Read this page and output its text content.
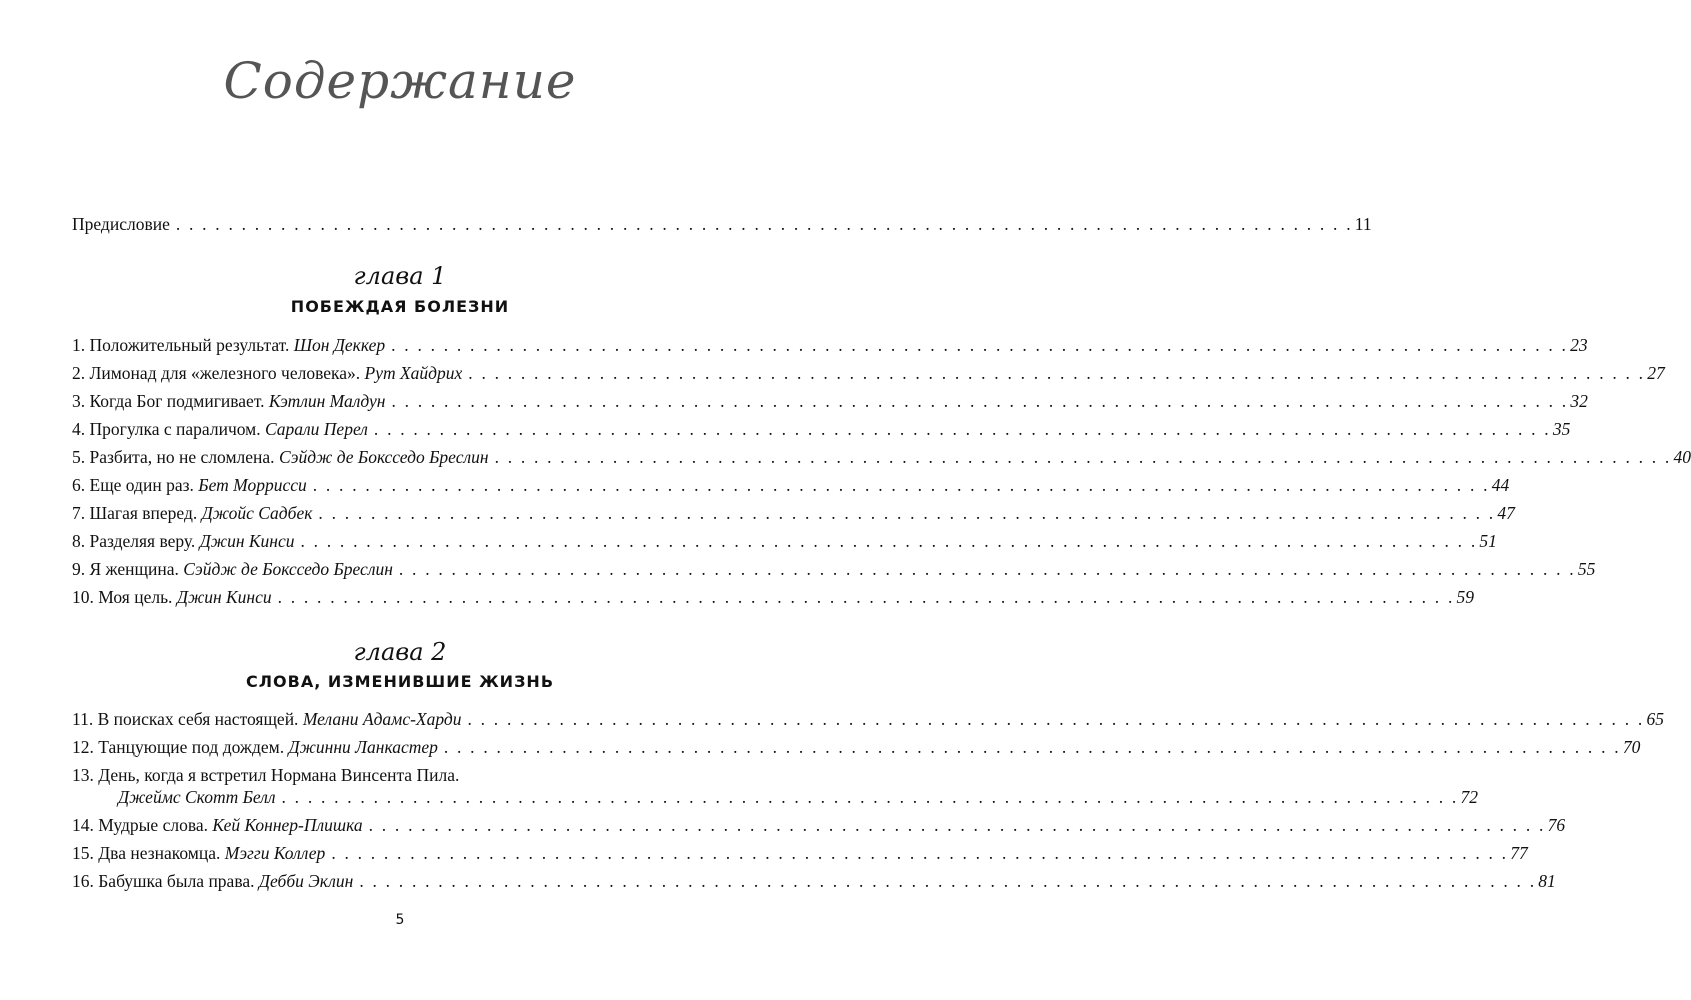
Содержание
Предисловие . . . . . . . . . . . . . . . . . . . . . . . . . . . . . . . . . . . . . . . . . . . . . . . . . . . . . . . . . . . . . . . . . . . . . . . . . . . . . . . . . . . . . . . . . . 11
глава 1
ПОБЕЖДАЯ БОЛЕЗНИ
1. Положительный результат.
Шон Деккер . . . . . . . . . . . . . . . . . . . . . . . . . . . . . . . . . . . . . . . . . . . . . . . . . . . . . . . . . . . . . . . . . . . . . . . . . . . . . . . . . . . . . . . . . . 23
2. Лимонад для «железного человека».
Рут Хайдрих . . . . . . . . . . . . . . . . . . . . . . . . . . . . . . . . . . . . . . . . . . . . . . . . . . . . . . . . . . . . . . . . . . . . . . . . . . . . . . . . . . . . . . . . . . 27
3. Когда Бог подмигивает.
Кэтлин Малдун . . . . . . . . . . . . . . . . . . . . . . . . . . . . . . . . . . . . . . . . . . . . . . . . . . . . . . . . . . . . . . . . . . . . . . . . . . . . . . . . . . . . . . . . . . 32
4. Прогулка с параличом.
Сарали Перел . . . . . . . . . . . . . . . . . . . . . . . . . . . . . . . . . . . . . . . . . . . . . . . . . . . . . . . . . . . . . . . . . . . . . . . . . . . . . . . . . . . . . . . . . . 35
5. Разбита, но не сломлена.
Сэйдж де Боксседо Бреслин . . . . . . . . . . . . . . . . . . . . . . . . . . . . . . . . . . . . . . . . . . . . . . . . . . . . . . . . . . . . . . . . . . . . . . . . . . . . . . . . . . . . . . . . . . 40
6. Еще один раз.
Бет Моррисси . . . . . . . . . . . . . . . . . . . . . . . . . . . . . . . . . . . . . . . . . . . . . . . . . . . . . . . . . . . . . . . . . . . . . . . . . . . . . . . . . . . . . . . . . . 44
7. Шагая вперед.
Джойс Садбек . . . . . . . . . . . . . . . . . . . . . . . . . . . . . . . . . . . . . . . . . . . . . . . . . . . . . . . . . . . . . . . . . . . . . . . . . . . . . . . . . . . . . . . . . . 47
8. Разделяя веру.
Джин Кинси . . . . . . . . . . . . . . . . . . . . . . . . . . . . . . . . . . . . . . . . . . . . . . . . . . . . . . . . . . . . . . . . . . . . . . . . . . . . . . . . . . . . . . . . . . 51
9. Я женщина.
Сэйдж де Боксседо Бреслин . . . . . . . . . . . . . . . . . . . . . . . . . . . . . . . . . . . . . . . . . . . . . . . . . . . . . . . . . . . . . . . . . . . . . . . . . . . . . . . . . . . . . . . . . . 55
10. Моя цель.
Джин Кинси . . . . . . . . . . . . . . . . . . . . . . . . . . . . . . . . . . . . . . . . . . . . . . . . . . . . . . . . . . . . . . . . . . . . . . . . . . . . . . . . . . . . . . . . . . 59
глава 2
СЛОВА, ИЗМЕНИВШИЕ ЖИЗНЬ
11. В поисках себя настоящей.
Мелани Адамс-Харди . . . . . . . . . . . . . . . . . . . . . . . . . . . . . . . . . . . . . . . . . . . . . . . . . . . . . . . . . . . . . . . . . . . . . . . . . . . . . . . . . . . . . . . . . . 65
12. Танцующие под дождем.
Джинни Ланкастер . . . . . . . . . . . . . . . . . . . . . . . . . . . . . . . . . . . . . . . . . . . . . . . . . . . . . . . . . . . . . . . . . . . . . . . . . . . . . . . . . . . . . . . . . . 70
13. День, когда я встретил Нормана Винсента Пила.
Джеймс Скотт Белл . . . . . . . . . . . . . . . . . . . . . . . . . . . . . . . . . . . . . . . . . . . . . . . . . . . . . . . . . . . . . . . . . . . . . . . . . . . . . . . . . . . . . . . . . . 72
14. Мудрые слова.
Кей Коннер-Плишка . . . . . . . . . . . . . . . . . . . . . . . . . . . . . . . . . . . . . . . . . . . . . . . . . . . . . . . . . . . . . . . . . . . . . . . . . . . . . . . . . . . . . . . . . . 76
15. Два незнакомца.
Мэгги Коллер . . . . . . . . . . . . . . . . . . . . . . . . . . . . . . . . . . . . . . . . . . . . . . . . . . . . . . . . . . . . . . . . . . . . . . . . . . . . . . . . . . . . . . . . . . 77
16. Бабушка была права.
Дебби Эклин . . . . . . . . . . . . . . . . . . . . . . . . . . . . . . . . . . . . . . . . . . . . . . . . . . . . . . . . . . . . . . . . . . . . . . . . . . . . . . . . . . . . . . . . . . 81
5
